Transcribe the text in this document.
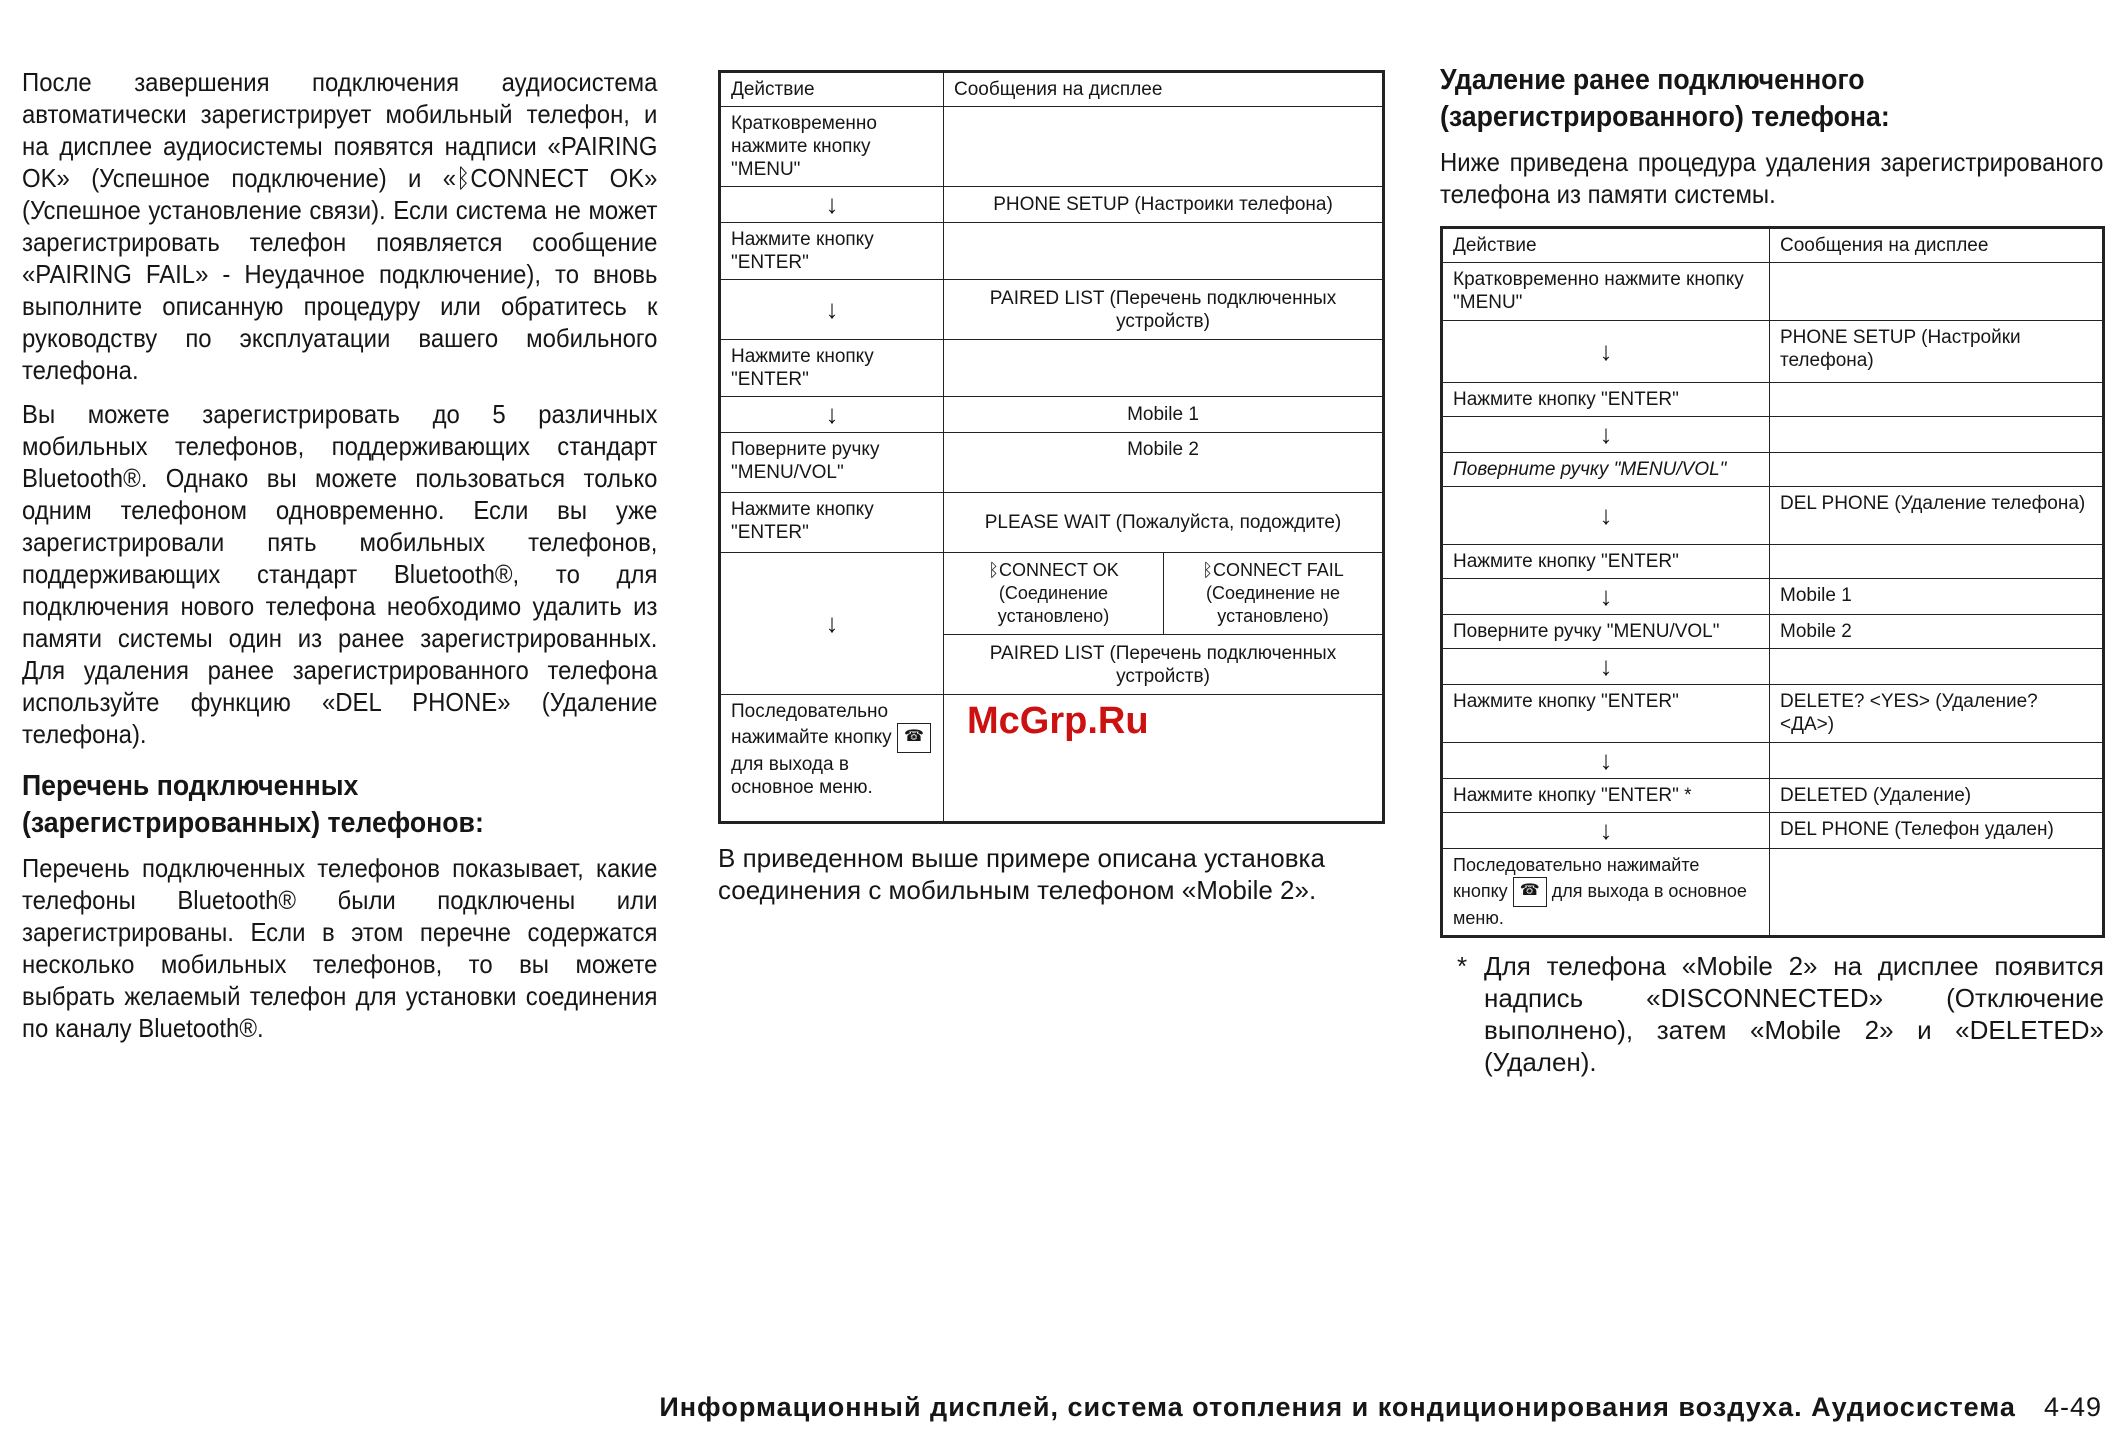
После завершения подключения аудиосистема автоматически зарегистрирует мобильный телефон, и на дисплее аудиосистемы появятся надписи «PAIRING OK» (Успешное подключение) и «ᛒCONNECT OK» (Успешное установление связи). Если система не может зарегистрировать телефон появляется сообщение «PAIRING FAIL» - Неудачное подключение), то вновь выполните описанную процедуру или обратитесь к руководству по эксплуатации вашего мобильного телефона.

Вы можете зарегистрировать до 5 различных мобильных телефонов, поддерживающих стандарт Bluetooth®. Однако вы можете пользоваться только одним телефоном одновременно. Если вы уже зарегистрировали пять мобильных телефонов, поддерживающих стандарт Bluetooth®, то для подключения нового телефона необходимо удалить из памяти системы один из ранее зарегистрированных. Для удаления ранее зарегистрированного телефона используйте функцию «DEL PHONE» (Удаление телефона).

Перечень подключенных
(зарегистрированных) телефонов:

Перечень подключенных телефонов показывает, какие телефоны Bluetooth® были подключены или зарегистрированы. Если в этом перечне содержатся несколько мобильных телефонов, то вы можете выбрать желаемый телефон для установки соединения по каналу Bluetooth®.

Действие	Сообщения на дисплее	
Кратковременно нажмите кнопку "MENU"		
↓	PHONE SETUP (Настроики телефона)	
Нажмите кнопку "ENTER"		
↓	PAIRED LIST (Перечень подключенных устройств)	
Нажмите кнопку "ENTER"		
↓	Mobile 1	
Поверните ручку "MENU/VOL"	Mobile 2	
Нажмите кнопку "ENTER"	PLEASE WAIT (Пожалуйста, подождите)	
↓	ᛒCONNECT OK (Соединение установлено)	ᛒCONNECT FAIL (Соединение не установлено)
	PAIRED LIST (Перечень подключенных устройств)	
Последовательно нажимайте кнопку ☎ для выхода в основное меню.		

В приведенном выше примере описана установка соединения с мобильным телефоном «Mobile 2».

McGrp.Ru
Удаление ранее подключенного
(зарегистрированного) телефона:

Ниже приведена процедура удаления зарегистрированого телефона из памяти системы.

Действие	Сообщения на дисплее
Кратковременно нажмите кнопку "MENU"	
↓	PHONE SETUP (Настройки телефона)
Нажмите кнопку "ENTER"	
↓	
Поверните ручку "MENU/VOL"	
↓	DEL PHONE (Удаление телефона)
Нажмите кнопку "ENTER"	
↓	Mobile 1
Поверните ручку "MENU/VOL"	Mobile 2
↓	
Нажмите кнопку "ENTER"	DELETE? <YES> (Удаление? <ДА>)
↓	
Нажмите кнопку "ENTER" *	DELETED (Удаление)
↓	DEL PHONE (Телефон удален)
Последовательно нажимайте кнопку ☎ для выхода в основное меню.	
* Для телефона «Mobile 2» на дисплее появится надпись «DISCONNECTED» (Отключение выполнено), затем «Mobile 2» и «DELETED» (Удален).
Информационный дисплей, система отопления и кондиционирования воздуха. Аудиосистема 4-49
